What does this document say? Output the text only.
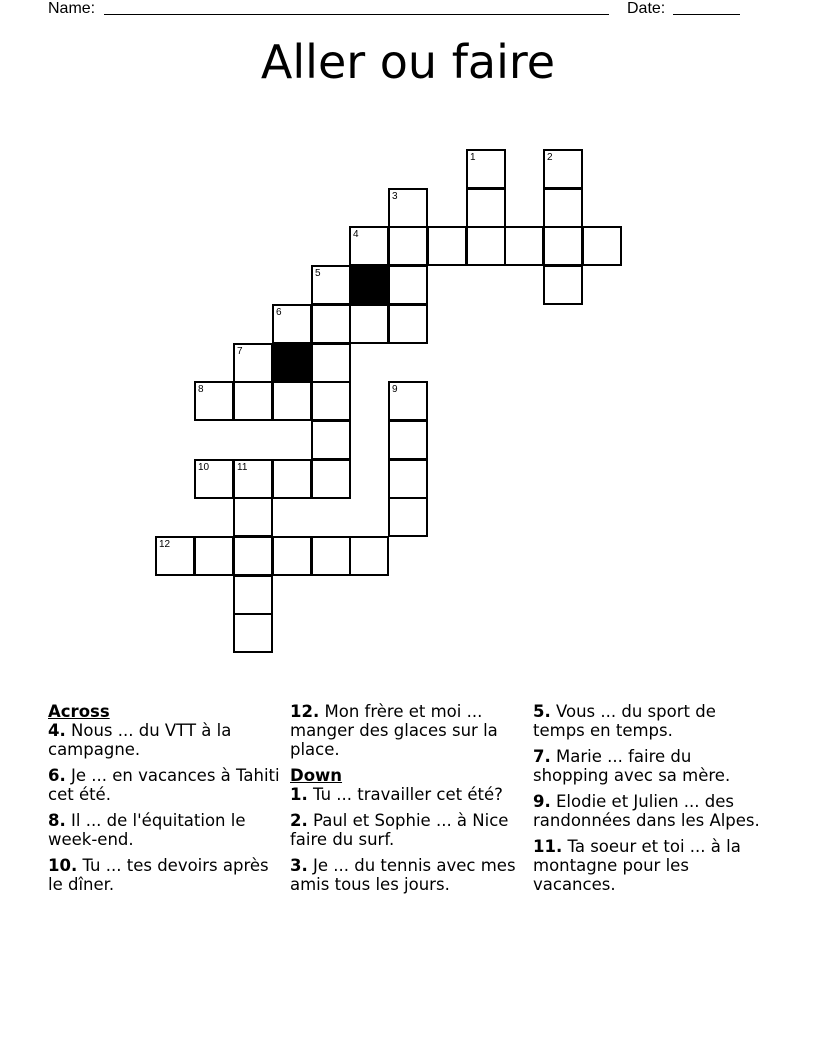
Name:	Date:
Aller ou faire
1	2
3
4
5
6
7
8	9
10	11
12
Across
4. Nous ... du VTT à la campagne.
6. Je ... en vacances à Tahiti cet été.
8. Il ... de l'équitation le week-end.
10. Tu ... tes devoirs après le dîner.
12. Mon frère et moi ... manger des glaces sur la place.
Down
1. Tu ... travailler cet été?
2. Paul et Sophie ... à Nice faire du surf.
3. Je ... du tennis avec mes amis tous les jours.
5. Vous ... du sport de temps en temps.
7. Marie ... faire du shopping avec sa mère.
9. Elodie et Julien ... des randonnées dans les Alpes.
11. Ta soeur et toi ... à la montagne pour les vacances.
